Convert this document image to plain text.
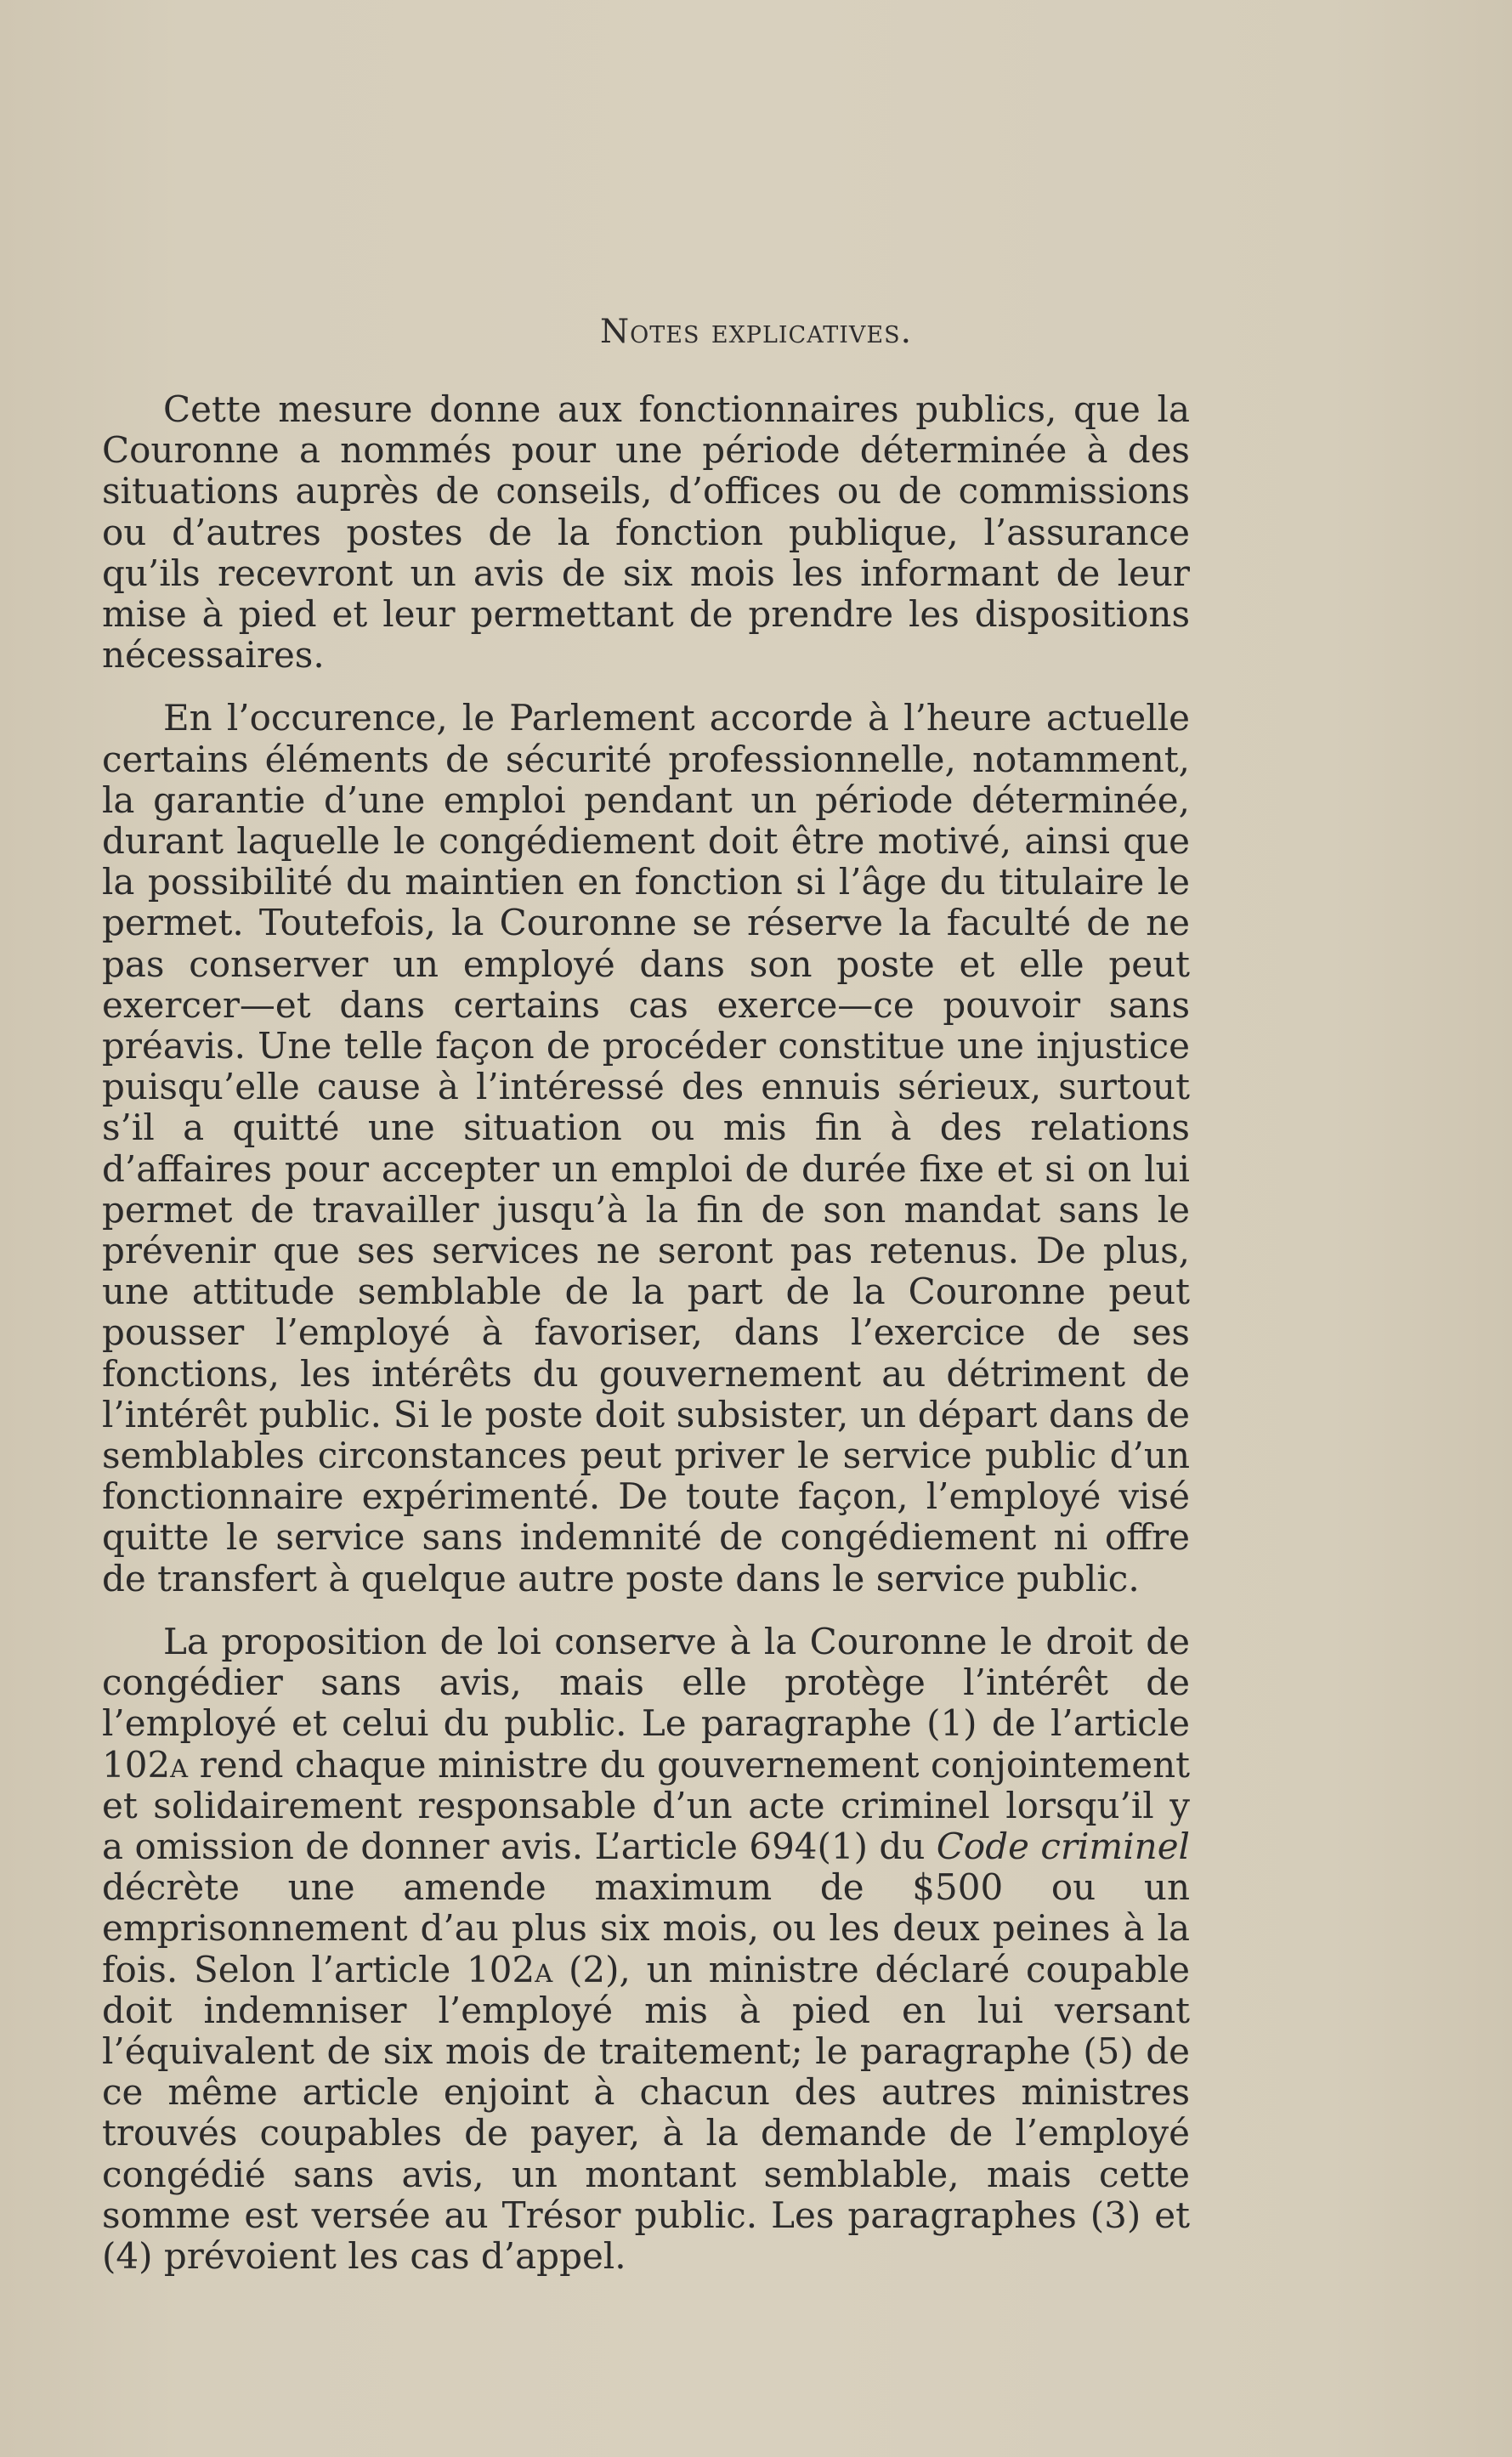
Notes explicatives.

Cette mesure donne aux fonctionnaires publics, que la Couronne a nommés pour une période déterminée à des situations auprès de conseils, d’offices ou de commissions ou d’autres postes de la fonction publique, l’assurance qu’ils recevront un avis de six mois les informant de leur mise à pied et leur permettant de prendre les dispositions nécessaires.

En l’occurence, le Parlement accorde à l’heure actuelle certains éléments de sécurité professionnelle, notamment, la garantie d’une emploi pendant un période déterminée, durant laquelle le congédiement doit être motivé, ainsi que la possibilité du maintien en fonction si l’âge du titulaire le permet. Toutefois, la Couronne se réserve la faculté de ne pas conserver un employé dans son poste et elle peut exercer—et dans certains cas exerce—ce pouvoir sans préavis. Une telle façon de procéder constitue une injustice puisqu’elle cause à l’intéressé des ennuis sérieux, surtout s’il a quitté une situation ou mis fin à des relations d’affaires pour accepter un emploi de durée fixe et si on lui permet de travailler jusqu’à la fin de son mandat sans le prévenir que ses services ne seront pas retenus. De plus, une attitude semblable de la part de la Couronne peut pousser l’employé à favoriser, dans l’exercice de ses fonctions, les intérêts du gouvernement au détriment de l’intérêt public. Si le poste doit subsister, un départ dans de semblables circonstances peut priver le service public d’un fonctionnaire expérimenté. De toute façon, l’employé visé quitte le service sans indemnité de congédiement ni offre de transfert à quelque autre poste dans le service public.

La proposition de loi conserve à la Couronne le droit de congédier sans avis, mais elle protège l’intérêt de l’employé et celui du public. Le paragraphe (1) de l’article 102a rend chaque ministre du gouvernement conjointement et solidairement responsable d’un acte criminel lorsqu’il y a omission de donner avis. L’article 694(1) du Code criminel décrète une amende maximum de $500 ou un emprisonnement d’au plus six mois, ou les deux peines à la fois. Selon l’article 102a (2), un ministre déclaré coupable doit indemniser l’employé mis à pied en lui versant l’équivalent de six mois de traitement; le paragraphe (5) de ce même article enjoint à chacun des autres ministres trouvés coupables de payer, à la demande de l’employé congédié sans avis, un montant semblable, mais cette somme est versée au Trésor public. Les paragraphes (3) et (4) prévoient les cas d’appel.
